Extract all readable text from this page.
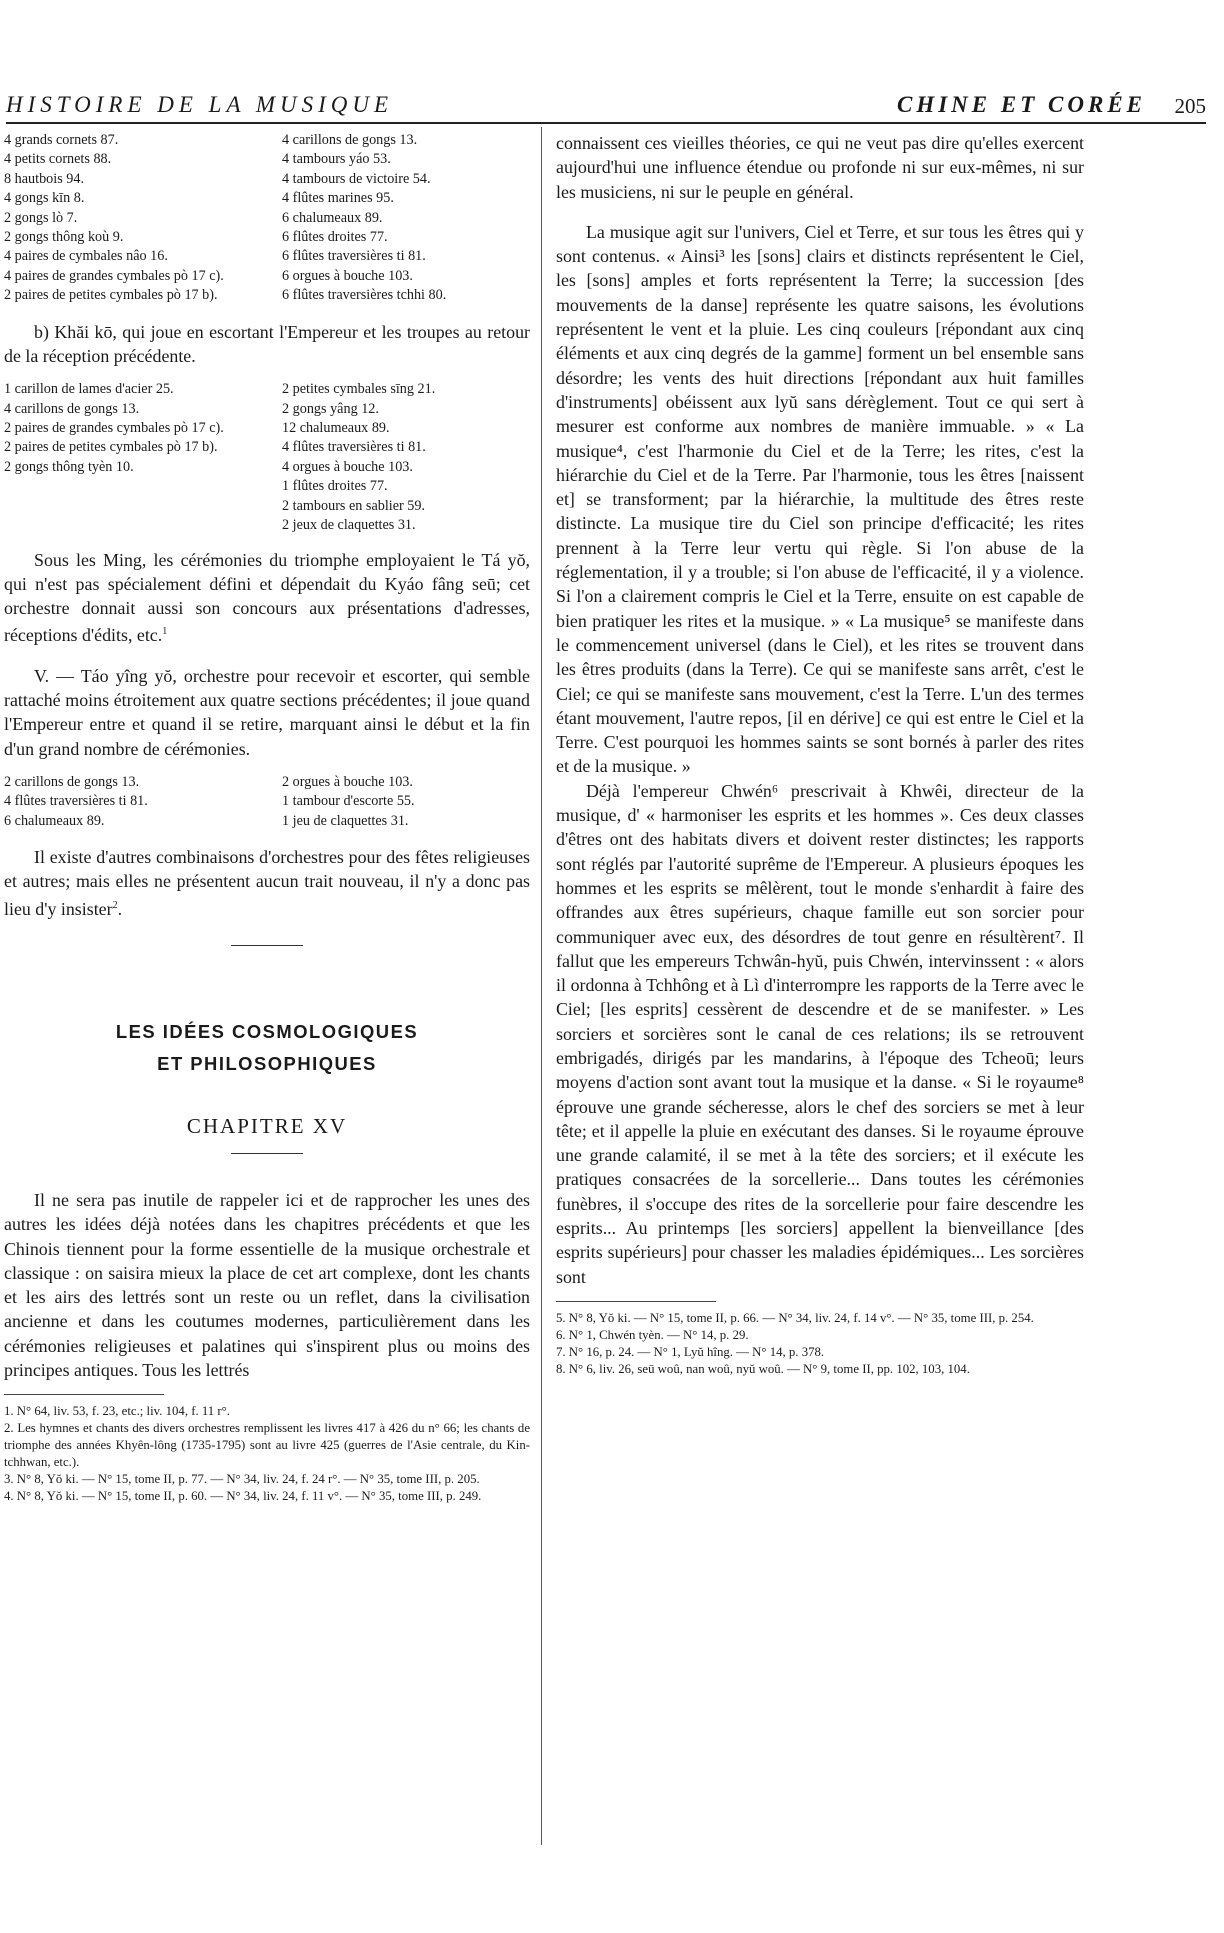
HISTOIRE DE LA MUSIQUE	CHINE ET CORÉE 205
4 grands cornets 87.
4 petits cornets 88.
8 hautbois 94.
4 gongs kīn 8.
2 gongs lò 7.
2 gongs thông koù 9.
4 paires de cymbales nâo 16.
4 paires de grandes cymbales pò 17 c).
2 paires de petites cymbales pò 17 b).
4 carillons de gongs 13.
4 tambours yáo 53.
4 tambours de victoire 54.
4 flûtes marines 95.
6 chalumeaux 89.
6 flûtes droites 77.
6 flûtes traversières ti 81.
6 orgues à bouche 103.
6 flûtes traversières tchhi 80.

b) Khăi kō, qui joue en escortant l'Empereur et les troupes au retour de la réception précédente.

1 carillon de lames d'acier 25.
4 carillons de gongs 13.
2 paires de grandes cymbales pò 17 c).
2 paires de petites cymbales pò 17 b).
2 gongs thông tyèn 10.
2 petites cymbales sīng 21.
2 gongs yâng 12.
12 chalumeaux 89.
4 flûtes traversières ti 81.
4 orgues à bouche 103.
1 flûtes droites 77.
2 tambours en sablier 59.
2 jeux de claquettes 31.

Sous les Ming, les cérémonies du triomphe employaient le Tá yŏ, qui n'est pas spécialement défini et dépendait du Kyáo fâng seū; cet orchestre donnait aussi son concours aux présentations d'adresses, réceptions d'édits, etc.$^1$

V. — Táo yîng yŏ, orchestre pour recevoir et escorter, qui semble rattaché moins étroitement aux quatre sections précédentes; il joue quand l'Empereur entre et quand il se retire, marquant ainsi le début et la fin d'un grand nombre de cérémonies.

2 carillons de gongs 13.
4 flûtes traversières ti 81.
6 chalumeaux 89.
2 orgues à bouche 103.
1 tambour d'escorte 55.
1 jeu de claquettes 31.

Il existe d'autres combinaisons d'orchestres pour des fêtes religieuses et autres; mais elles ne présentent aucun trait nouveau, il n'y a donc pas lieu d'y insister$^2$.

LES IDÉES COSMOLOGIQUES
ET PHILOSOPHIQUES
CHAPITRE XV

Il ne sera pas inutile de rappeler ici et de rapprocher les unes des autres les idées déjà notées dans les chapitres précédents et que les Chinois tiennent pour la forme essentielle de la musique orchestrale et classique : on saisira mieux la place de cet art complexe, dont les chants et les airs des lettrés sont un reste ou un reflet, dans la civilisation ancienne et dans les coutumes modernes, particulièrement dans les cérémonies religieuses et palatines qui s'inspirent plus ou moins des principes antiques. Tous les lettrés

1. N° 64, liv. 53, f. 23, etc.; liv. 104, f. 11 r°.

2. Les hymnes et chants des divers orchestres remplissent les livres 417 à 426 du n° 66; les chants de triomphe des années Khyên-lông (1735-1795) sont au livre 425 (guerres de l'Asie centrale, du Kin-tchhwan, etc.).

3. N° 8, Yŏ ki. — N° 15, tome II, p. 77. — N° 34, liv. 24, f. 24 r°. — N° 35, tome III, p. 205.

4. N° 8, Yŏ ki. — N° 15, tome II, p. 60. — N° 34, liv. 24, f. 11 v°. — N° 35, tome III, p. 249.

connaissent ces vieilles théories, ce qui ne veut pas dire qu'elles exercent aujourd'hui une influence étendue ou profonde ni sur eux-mêmes, ni sur les musiciens, ni sur le peuple en général.

La musique agit sur l'univers, Ciel et Terre, et sur tous les êtres qui y sont contenus. « Ainsi³ les [sons] clairs et distincts représentent le Ciel, les [sons] amples et forts représentent la Terre; la succession [des mouvements de la danse] représente les quatre saisons, les évolutions représentent le vent et la pluie. Les cinq couleurs [répondant aux cinq éléments et aux cinq degrés de la gamme] forment un bel ensemble sans désordre; les vents des huit directions [répondant aux huit familles d'instruments] obéissent aux lyŭ sans dérèglement. Tout ce qui sert à mesurer est conforme aux nombres de manière immuable. » « La musique⁴, c'est l'harmonie du Ciel et de la Terre; les rites, c'est la hiérarchie du Ciel et de la Terre. Par l'harmonie, tous les êtres [naissent et] se transforment; par la hiérarchie, la multitude des êtres reste distincte. La musique tire du Ciel son principe d'efficacité; les rites prennent à la Terre leur vertu qui règle. Si l'on abuse de la réglementation, il y a trouble; si l'on abuse de l'efficacité, il y a violence. Si l'on a clairement compris le Ciel et la Terre, ensuite on est capable de bien pratiquer les rites et la musique. » « La musique⁵ se manifeste dans le commencement universel (dans le Ciel), et les rites se trouvent dans les êtres produits (dans la Terre). Ce qui se manifeste sans arrêt, c'est le Ciel; ce qui se manifeste sans mouvement, c'est la Terre. L'un des termes étant mouvement, l'autre repos, [il en dérive] ce qui est entre le Ciel et la Terre. C'est pourquoi les hommes saints se sont bornés à parler des rites et de la musique. »

Déjà l'empereur Chwén⁶ prescrivait à Khwêi, directeur de la musique, d' « harmoniser les esprits et les hommes ». Ces deux classes d'êtres ont des habitats divers et doivent rester distinctes; les rapports sont réglés par l'autorité suprême de l'Empereur. A plusieurs époques les hommes et les esprits se mêlèrent, tout le monde s'enhardit à faire des offrandes aux êtres supérieurs, chaque famille eut son sorcier pour communiquer avec eux, des désordres de tout genre en résultèrent⁷. Il fallut que les empereurs Tchwân-hyŭ, puis Chwén, intervinssent : « alors il ordonna à Tchhông et à Lì d'interrompre les rapports de la Terre avec le Ciel; [les esprits] cessèrent de descendre et de se manifester. » Les sorciers et sorcières sont le canal de ces relations; ils se retrouvent embrigadés, dirigés par les mandarins, à l'époque des Tcheoū; leurs moyens d'action sont avant tout la musique et la danse. « Si le royaume⁸ éprouve une grande sécheresse, alors le chef des sorciers se met à leur tête; et il appelle la pluie en exécutant des danses. Si le royaume éprouve une grande calamité, il se met à la tête des sorciers; et il exécute les pratiques consacrées de la sorcellerie... Dans toutes les cérémonies funèbres, il s'occupe des rites de la sorcellerie pour faire descendre les esprits... Au printemps [les sorciers] appellent la bienveillance [des esprits supérieurs] pour chasser les maladies épidémiques... Les sorcières sont

5. N° 8, Yŏ ki. — N° 15, tome II, p. 66. — N° 34, liv. 24, f. 14 v°. — N° 35, tome III, p. 254.

6. N° 1, Chwén tyèn. — N° 14, p. 29.

7. N° 16, p. 24. — N° 1, Lyŭ hîng. — N° 14, p. 378.

8. N° 6, liv. 26, seū woû, nan woû, nyŭ woû. — N° 9, tome II, pp. 102, 103, 104.
